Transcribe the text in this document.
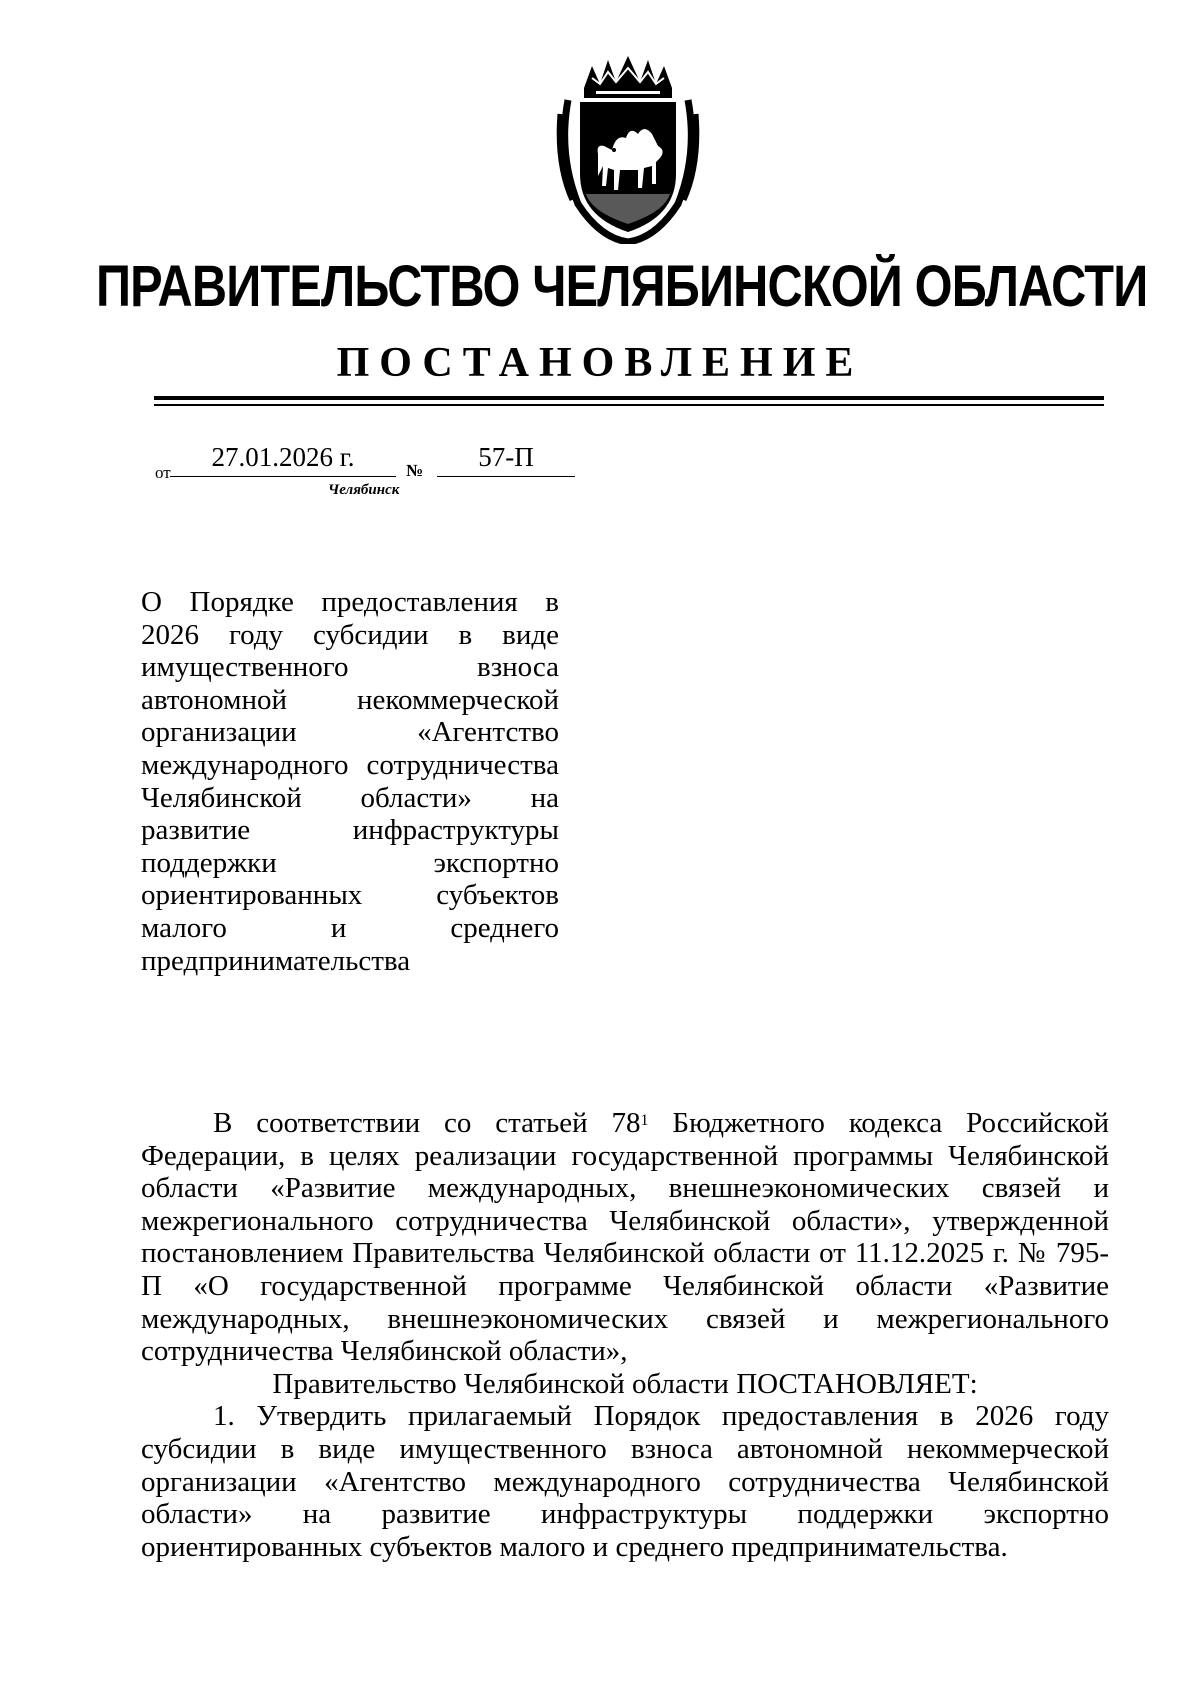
ПРАВИТЕЛЬСТВО ЧЕЛЯБИНСКОЙ ОБЛАСТИ
ПОСТАНОВЛЕНИЕ
от
27.01.2026 г.	№	57-П
Челябинск

О Порядке предоставления в 2026 году субсидии в виде имущественного взноса автономной некоммерческой организации «Агентство международного сотрудничества Челябинской области» на развитие инфраструктуры поддержки экспортно ориентированных субъектов малого и среднего предпринимательства

В соответствии со статьей $78^1$ Бюджетного кодекса Российской Федерации, в целях реализации государственной программы Челябинской области «Развитие международных, внешнеэкономических связей и межрегионального сотрудничества Челябинской области», утвержденной постановлением Правительства Челябинской области от 11.12.2025 г. № 795-П «О государственной программе Челябинской области «Развитие международных, внешнеэкономических связей и межрегионального сотрудничества Челябинской области»,

Правительство Челябинской области ПОСТАНОВЛЯЕТ:

1. Утвердить прилагаемый Порядок предоставления в 2026 году субсидии в виде имущественного взноса автономной некоммерческой организации «Агентство международного сотрудничества Челябинской области» на развитие инфраструктуры поддержки экспортно ориентированных субъектов малого и среднего предпринимательства.
